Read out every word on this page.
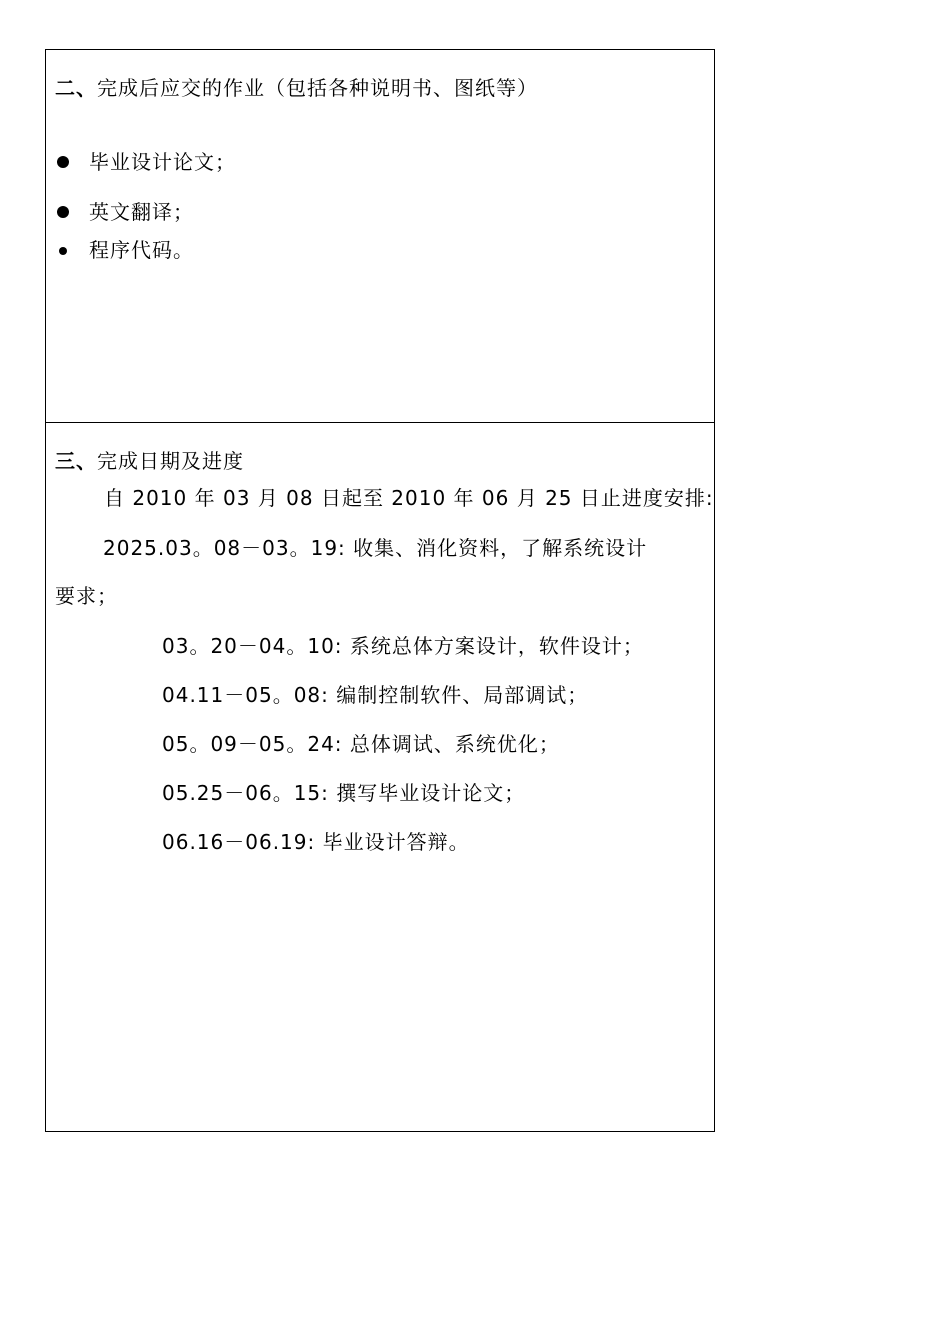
二、完成后应交的作业（包括各种说明书、图纸等）
毕业设计论文；
英文翻译；
程序代码。
三、完成日期及进度
自 2010 年 03 月 08 日起至 2010 年 06 月 25 日止进度安排:
2025.03。08－03。19: 收集、消化资料，了解系统设计
要求；
03。20－04。10: 系统总体方案设计，软件设计；
04.11－05。08: 编制控制软件、局部调试；
05。09－05。24: 总体调试、系统优化；
05.25－06。15: 撰写毕业设计论文；
06.16－06.19: 毕业设计答辩。
